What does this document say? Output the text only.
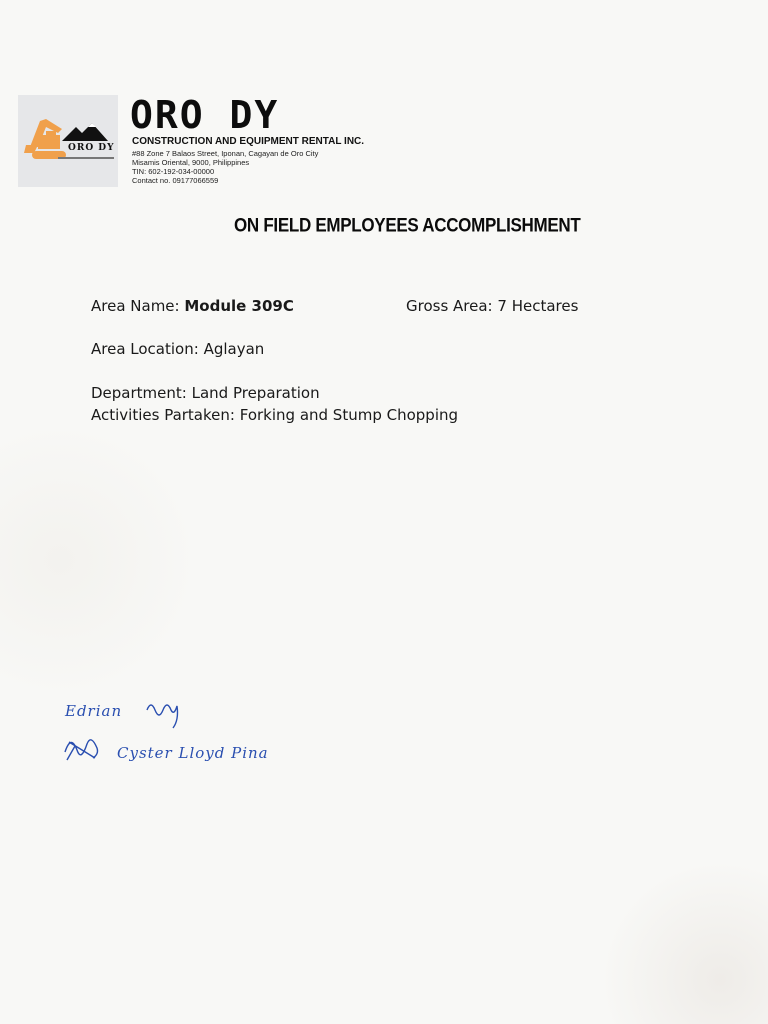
ORO DY
ORO DY
CONSTRUCTION AND EQUIPMENT RENTAL INC.
#88 Zone 7 Balaos Street, Iponan, Cagayan de Oro City
Misamis Oriental, 9000, Philippines
TIN: 602-192-034-00000
Contact no. 09177066559
ON FIELD EMPLOYEES ACCOMPLISHMENT
Area Name: Module 309C	Gross Area: 7 Hectares
Area Location: Aglayan
Department: Land Preparation
Activities Partaken: Forking and Stump Chopping
Edrian
Cyster Lloyd Pina
